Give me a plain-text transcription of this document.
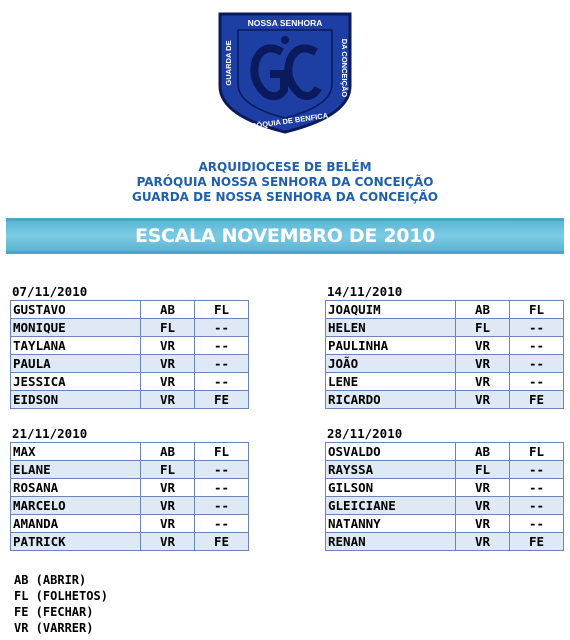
NOSSA SENHORA
GUARDA DE	DA CONCEIÇÃO
PARÓQUIA DE BENFICA
ARQUIDIOCESE DE BELÉM
PARÓQUIA NOSSA SENHORA DA CONCEIÇÃO
GUARDA DE NOSSA SENHORA DA CONCEIÇÃO
ESCALA NOVEMBRO DE 2010
07/11/2010
GUSTAVO	AB	FL
MONIQUE	FL	--
TAYLANA	VR	--
PAULA	VR	--
JESSICA	VR	--
EIDSON	VR	FE
14/11/2010
JOAQUIM	AB	FL
HELEN	FL	--
PAULINHA	VR	--
JOÃO	VR	--
LENE	VR	--
RICARDO	VR	FE
21/11/2010
MAX	AB	FL
ELANE	FL	--
ROSANA	VR	--
MARCELO	VR	--
AMANDA	VR	--
PATRICK	VR	FE
28/11/2010
OSVALDO	AB	FL
RAYSSA	FL	--
GILSON	VR	--
GLEICIANE	VR	--
NATANNY	VR	--
RENAN	VR	FE
AB (ABRIR)
FL (FOLHETOS)
FE (FECHAR)
VR (VARRER)
